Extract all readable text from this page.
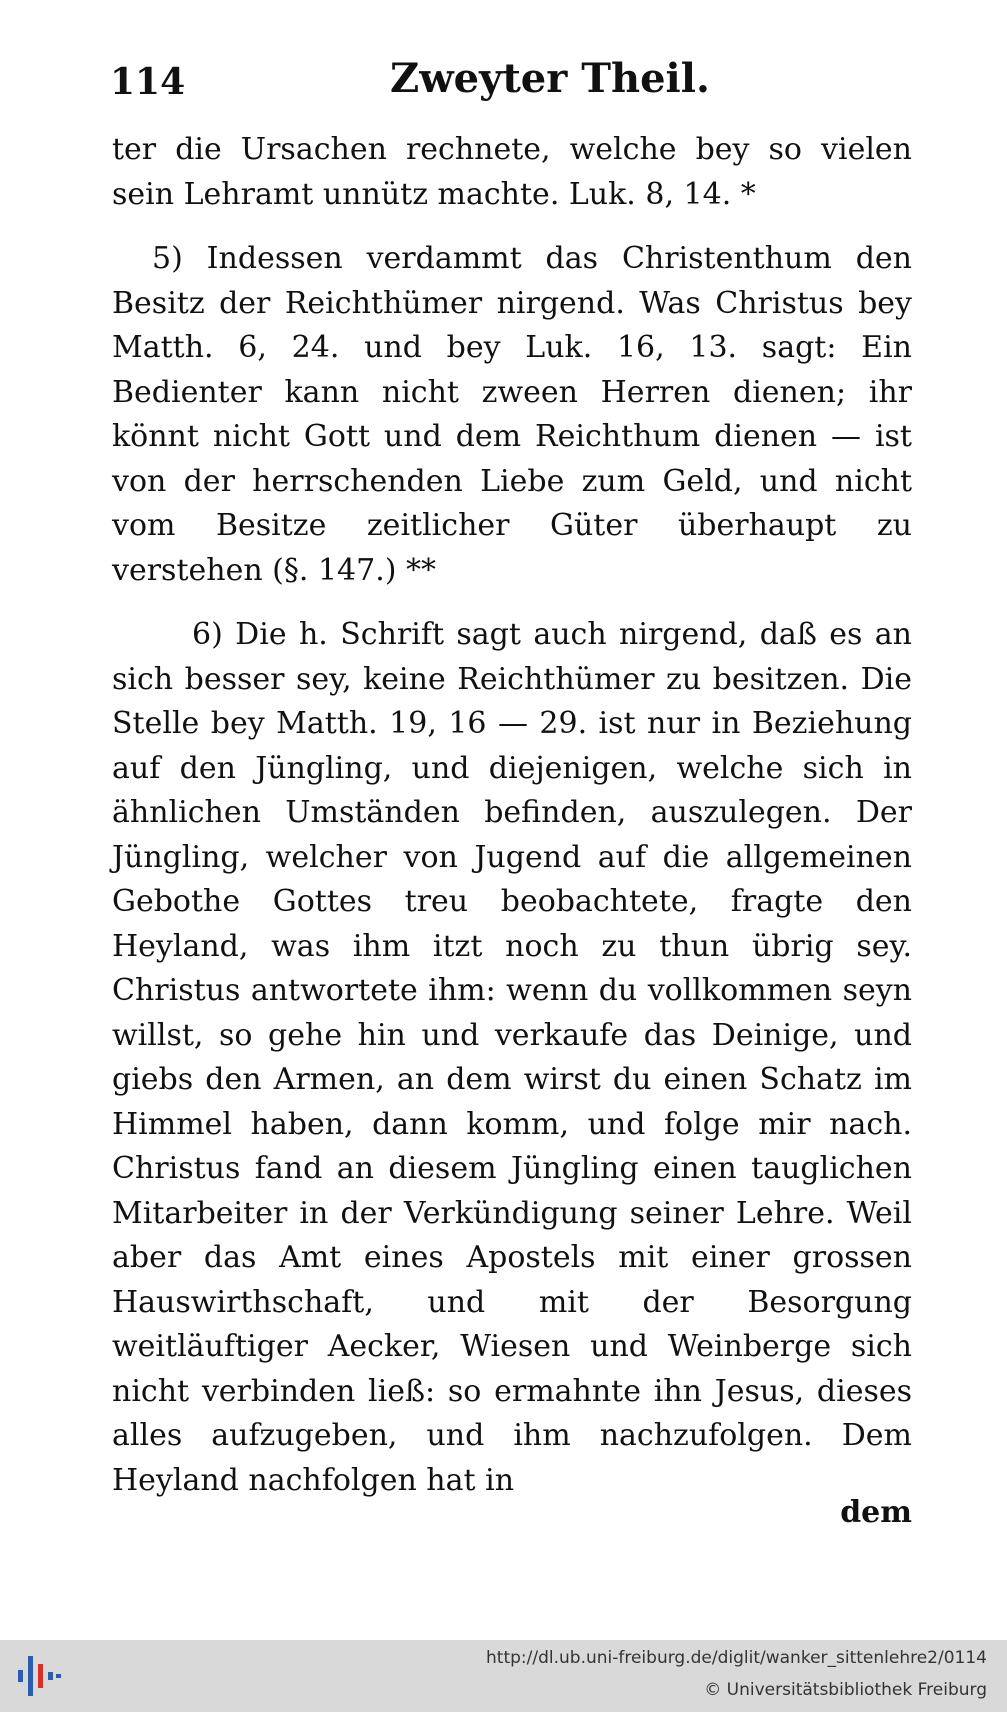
114	Zweyter Theil.

ter die Ursachen rechnete, welche bey so vielen sein Lehramt unnütz machte. Luk. 8, 14. *

5) Indessen verdammt das Christenthum den Besitz der Reichthümer nirgend. Was Christus bey Matth. 6, 24. und bey Luk. 16, 13. sagt: Ein Bedienter kann nicht zween Herren dienen; ihr könnt nicht Gott und dem Reichthum dienen — ist von der herrschenden Liebe zum Geld, und nicht vom Besitze zeitlicher Güter überhaupt zu verstehen (§. 147.) **

6) Die h. Schrift sagt auch nirgend, daß es an sich besser sey, keine Reichthümer zu besitzen. Die Stelle bey Matth. 19, 16 — 29. ist nur in Beziehung auf den Jüngling, und diejenigen, welche sich in ähnlichen Umständen befinden, auszulegen. Der Jüngling, welcher von Jugend auf die allgemeinen Gebothe Gottes treu beobachtete, fragte den Heyland, was ihm itzt noch zu thun übrig sey. Christus antwortete ihm: wenn du vollkommen seyn willst, so gehe hin und verkaufe das Deinige, und giebs den Armen, an dem wirst du einen Schatz im Himmel haben, dann komm, und folge mir nach. Christus fand an diesem Jüngling einen tauglichen Mitarbeiter in der Verkündigung seiner Lehre. Weil aber das Amt eines Apostels mit einer grossen Hauswirthschaft, und mit der Besorgung weitläuftiger Aecker, Wiesen und Weinberge sich nicht verbinden ließ: so ermahnte ihn Jesus, dieses alles aufzugeben, und ihm nachzufolgen. Dem Heyland nachfolgen hat in

dem
http://dl.ub.uni-freiburg.de/diglit/wanker_sittenlehre2/0114
© Universitätsbibliothek Freiburg
